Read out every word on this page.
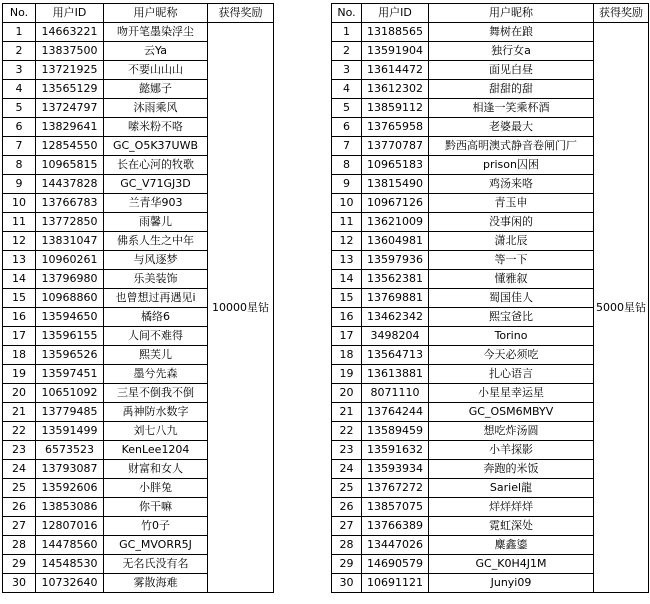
No.	用户ID	用户昵称	获得奖励
1	14663221	吻开笔墨染浮尘	10000星钻
2	13837500	云Ya	
3	13721925	不要山山山	
4	13565129	懿娜子	
5	13724797	沐雨乘风	
6	13829641	嗦米粉不咯	
7	12854550	GC_O5K37UWB	
8	10965815	长在心河的牧歌	
9	14437828	GC_V71GJ3D	
10	13766783	兰青华903	
11	13772850	雨馨儿	
12	13831047	佛系人生之中年	
13	10960261	与风逐梦	
14	13796980	乐美装饰	
15	10968860	也曾想过再遇见i	
16	13594650	橘络6	
17	13596155	人间不难得	
18	13596526	熙芙儿	
19	13597451	墨兮先森	
20	10651092	三星不倒我不倒	
21	13779485	禹神防水数字	
22	13591499	刘七八九	
23	6573523	KenLee1204	
24	13793087	财富和女人	
25	13592606	小胖兔	
26	13853086	你干嘛	
27	12807016	竹0子	
28	14478560	GC_MVORR5J	
29	14548530	无名氏没有名	
30	10732640	雾散海难	
No.	用户ID	用户昵称	获得奖励
1	13188565	舞树在踉	5000星钻
2	13591904	独行女a	
3	13614472	面见白昼	
4	13612302	甜甜的甜	
5	13859112	相逢一笑乘杯酒	
6	13765958	老婆最大	
7	13770787	黔西高明澳式静音卷闸门厂	
8	10965183	prison囚困	
9	13815490	鸡汤来咯	
10	10967126	青玉申	
11	13621009	没事闲的	
12	13604981	潇北辰	
13	13597936	等一下	
14	13562381	懂雅叙	
15	13769881	蜀国佳人	
16	13462342	熙宝爸比	
17	3498204	Torino	
18	13564713	今天必须吃	
19	13613881	扎心语言	
20	8071110	小星星幸运星	
21	13764244	GC_OSM6MBYV	
22	13589459	想吃炸汤圆	
23	13591632	小羊探影	
24	13593934	奔跑的米饭	
25	13767272	Sariel龍	
26	13857075	烊烊烊烊	
27	13766389	霓虹深处	
28	13447026	麋鑫鎏	
29	14690579	GC_K0H4J1M	
30	10691121	Junyi09	
